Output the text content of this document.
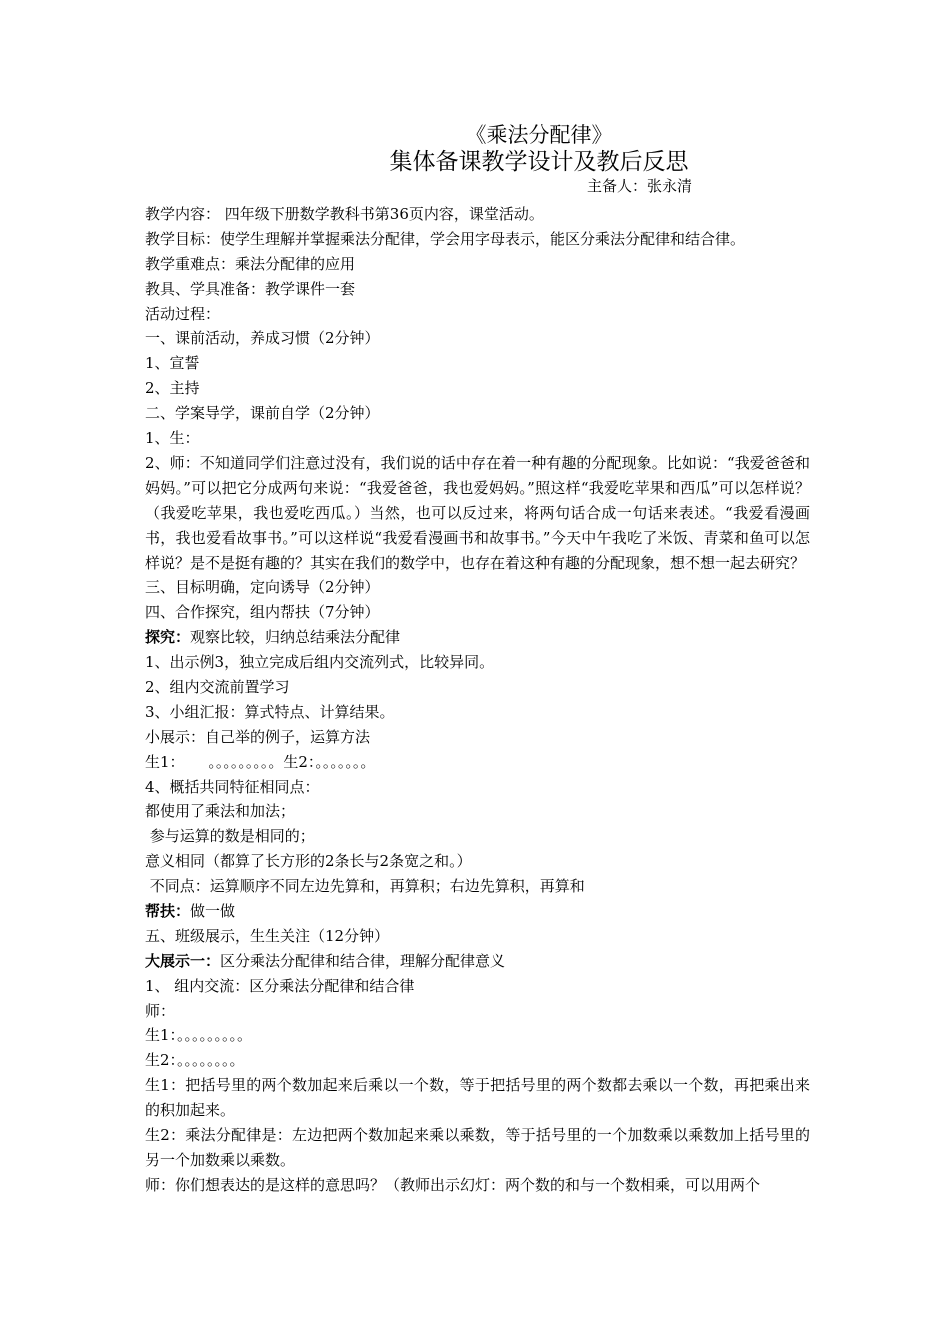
《乘法分配律》
集体备课教学设计及教后反思
主备人：张永清
教学内容： 四年级下册数学教科书第36页内容，课堂活动。
教学目标：使学生理解并掌握乘法分配律，学会用字母表示，能区分乘法分配律和结合律。
教学重难点：乘法分配律的应用
教具、学具准备：教学课件一套
活动过程：
一、课前活动，养成习惯（2分钟）
1、宣誓
2、主持
二、学案导学，课前自学（2分钟）
1、生：
2、师：不知道同学们注意过没有，我们说的话中存在着一种有趣的分配现象。比如说：“我爱爸爸和妈妈。”可以把它分成两句来说：“我爱爸爸，我也爱妈妈。”照这样“我爱吃苹果和西瓜”可以怎样说？（我爱吃苹果，我也爱吃西瓜。）当然，也可以反过来，将两句话合成一句话来表述。“我爱看漫画书，我也爱看故事书。”可以这样说“我爱看漫画书和故事书。”今天中午我吃了米饭、青菜和鱼可以怎样说？是不是挺有趣的？其实在我们的数学中，也存在着这种有趣的分配现象，想不想一起去研究？
三、目标明确，定向诱导（2分钟）
四、合作探究，组内帮扶（7分钟）
探究：观察比较，归纳总结乘法分配律
1、出示例3，独立完成后组内交流列式，比较异同。
2、组内交流前置学习
3、小组汇报：算式特点、计算结果。
小展示：自己举的例子，运算方法
生1：     。。。。。。。。。生2：。。。。。。。
4、概括共同特征相同点：
都使用了乘法和加法；
参与运算的数是相同的；
意义相同（都算了长方形的2条长与2条宽之和。）
不同点：运算顺序不同左边先算和，再算积；右边先算积，再算和
帮扶：做一做
五、班级展示，生生关注（12分钟）
大展示一：区分乘法分配律和结合律，理解分配律意义
1、 组内交流：区分乘法分配律和结合律
师：
生1：。。。。。。。。。
生2：。。。。。。。。
生1：把括号里的两个数加起来后乘以一个数，等于把括号里的两个数都去乘以一个数，再把乘出来的积加起来。
生2：乘法分配律是：左边把两个数加起来乘以乘数，等于括号里的一个加数乘以乘数加上括号里的另一个加数乘以乘数。
师：你们想表达的是这样的意思吗？（教师出示幻灯：两个数的和与一个数相乘，可以用两个
